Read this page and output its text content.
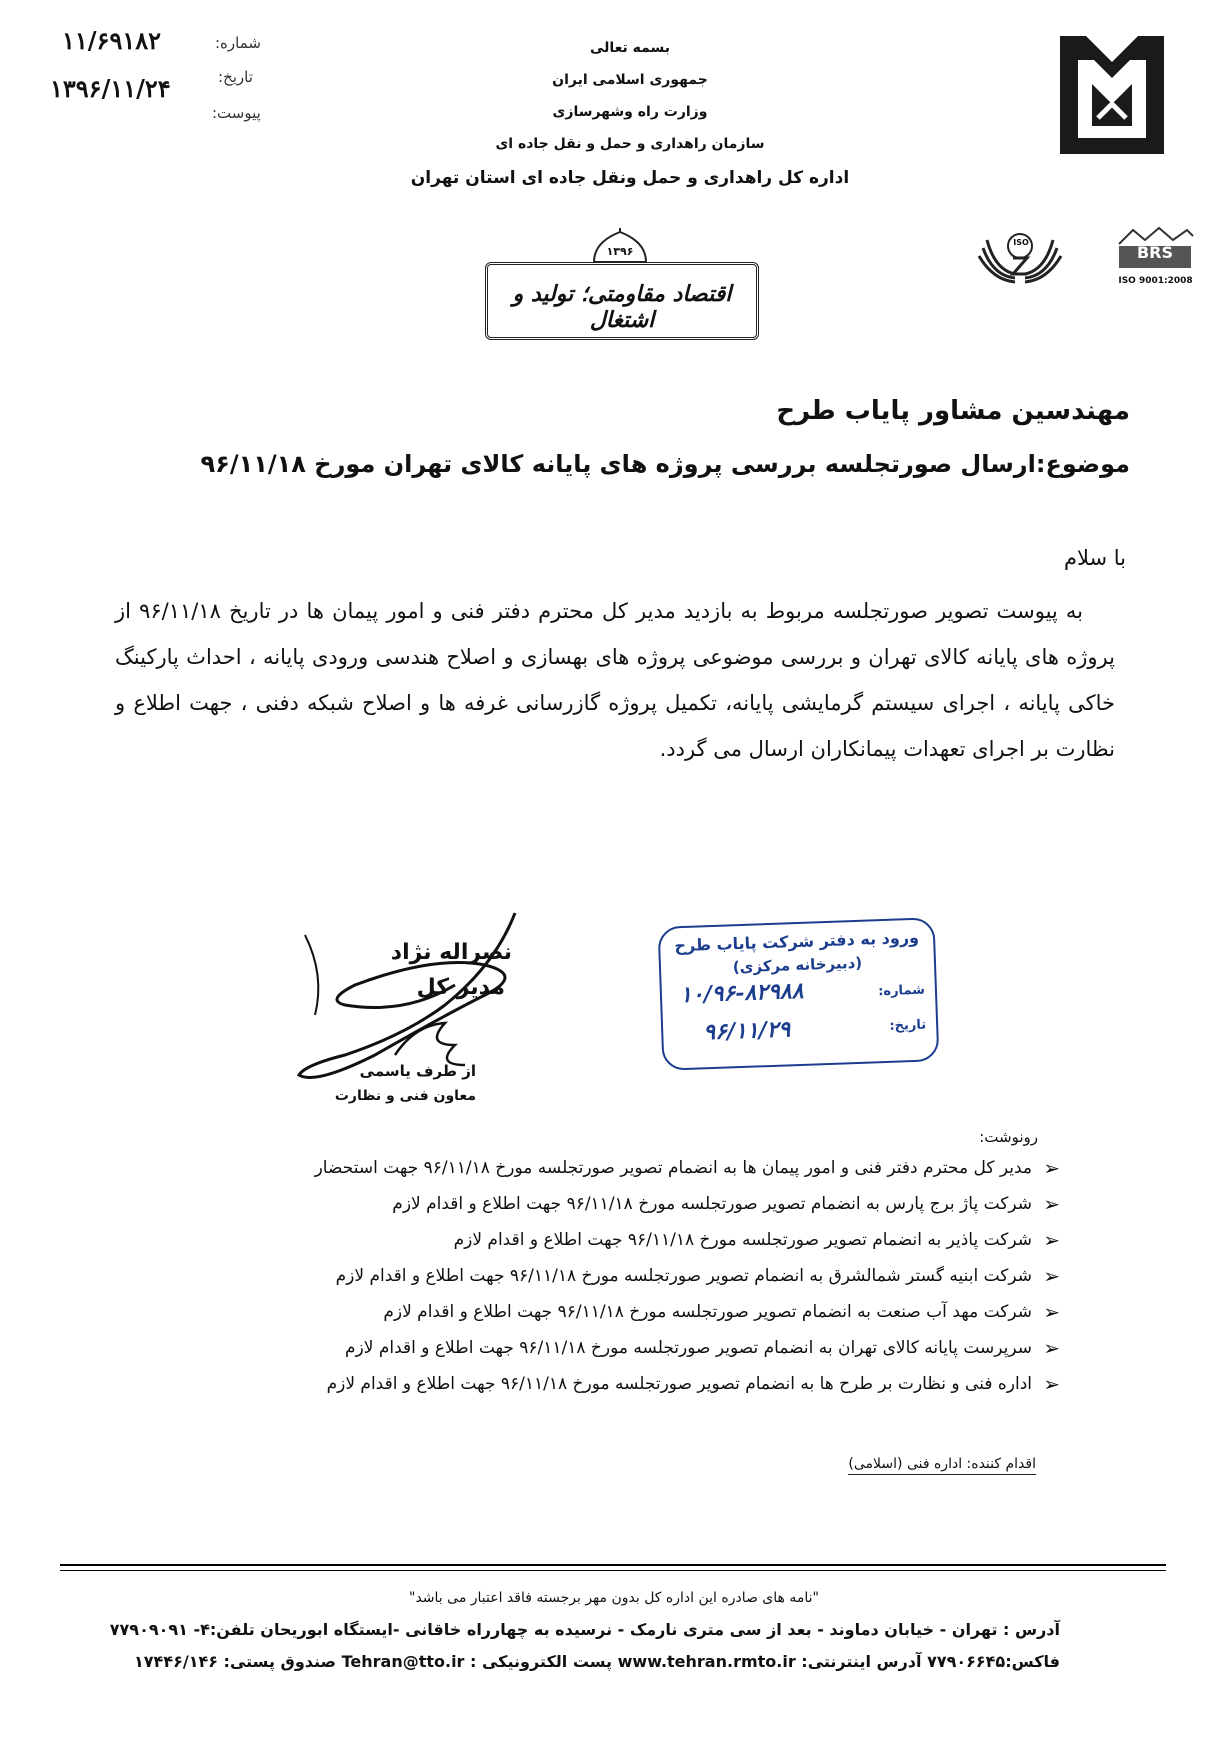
شماره:
۱۱/۶۹۱۸۲
تاریخ:
۱۳۹۶/۱۱/۲۴
پیوست:
بسمه تعالی
جمهوری اسلامی ایران
وزارت راه وشهرسازی
سازمان راهداری و حمل و نقل جاده ای
اداره کل راهداری و حمل ونقل جاده ای استان تهران
اقتصاد مقاومتی؛ تولید و اشتغال
۱۳۹۶
ISO
BRS
ISO 9001:2008
مهندسین مشاور پایاب طرح
موضوع:ارسال صورتجلسه بررسی پروژه های پایانه کالای تهران مورخ ۹۶/۱۱/۱۸
با سلام
به پیوست تصویر صورتجلسه مربوط به بازدید مدیر کل محترم دفتر فنی و امور پیمان ها در تاریخ ۹۶/۱۱/۱۸ از پروژه های پایانه کالای تهران و بررسی موضوعی پروژه های بهسازی و اصلاح هندسی ورودی پایانه ، احداث پارکینگ خاکی پایانه ، اجرای سیستم گرمایشی پایانه، تکمیل پروژه گازرسانی غرفه ها و اصلاح شبکه دفنی ، جهت اطلاع و نظارت بر اجرای تعهدات پیمانکاران ارسال می گردد.
نصراله نژاد
مدیر کل
از طرف یاسمی
معاون فنی و نظارت
ورود به دفتر شرکت پایاب طرح
(دبیرخانه مرکزی)
شماره:
۱۰/۹۶-۸۲۹۸۸
تاریخ:
۹۶/۱۱/۲۹
رونوشت:
➢
مدیر کل محترم دفتر فنی و امور پیمان ها به انضمام تصویر صورتجلسه مورخ ۹۶/۱۱/۱۸ جهت استحضار
➢
شرکت پاژ برج پارس به انضمام تصویر صورتجلسه مورخ ۹۶/۱۱/۱۸ جهت اطلاع و اقدام لازم
➢
شرکت پاذیر به انضمام تصویر صورتجلسه مورخ ۹۶/۱۱/۱۸ جهت اطلاع و اقدام لازم
➢
شرکت ابنیه گستر شمالشرق به انضمام تصویر صورتجلسه مورخ ۹۶/۱۱/۱۸ جهت اطلاع و اقدام لازم
➢
شرکت مهد آب صنعت به انضمام تصویر صورتجلسه مورخ ۹۶/۱۱/۱۸ جهت اطلاع و اقدام لازم
➢
سرپرست پایانه کالای تهران به انضمام تصویر صورتجلسه مورخ ۹۶/۱۱/۱۸ جهت اطلاع و اقدام لازم
➢
اداره فنی و نظارت بر طرح ها به انضمام تصویر صورتجلسه مورخ ۹۶/۱۱/۱۸ جهت اطلاع و اقدام لازم
اقدام کننده: اداره فنی (اسلامی)
"نامه های صادره این اداره کل بدون مهر برجسته فاقد اعتبار می باشد"
آدرس : تهران - خیابان دماوند - بعد از سی متری نارمک - نرسیده به چهارراه خاقانی -ایستگاه ابوریحان تلفن:۴- ۷۷۹۰۹۰۹۱
فاکس:۷۷۹۰۶۶۴۵ آدرس اینترنتی: www.tehran.rmto.ir پست الکترونیکی : Tehran@tto.ir صندوق پستی: ۱۷۴۴۶/۱۴۶
